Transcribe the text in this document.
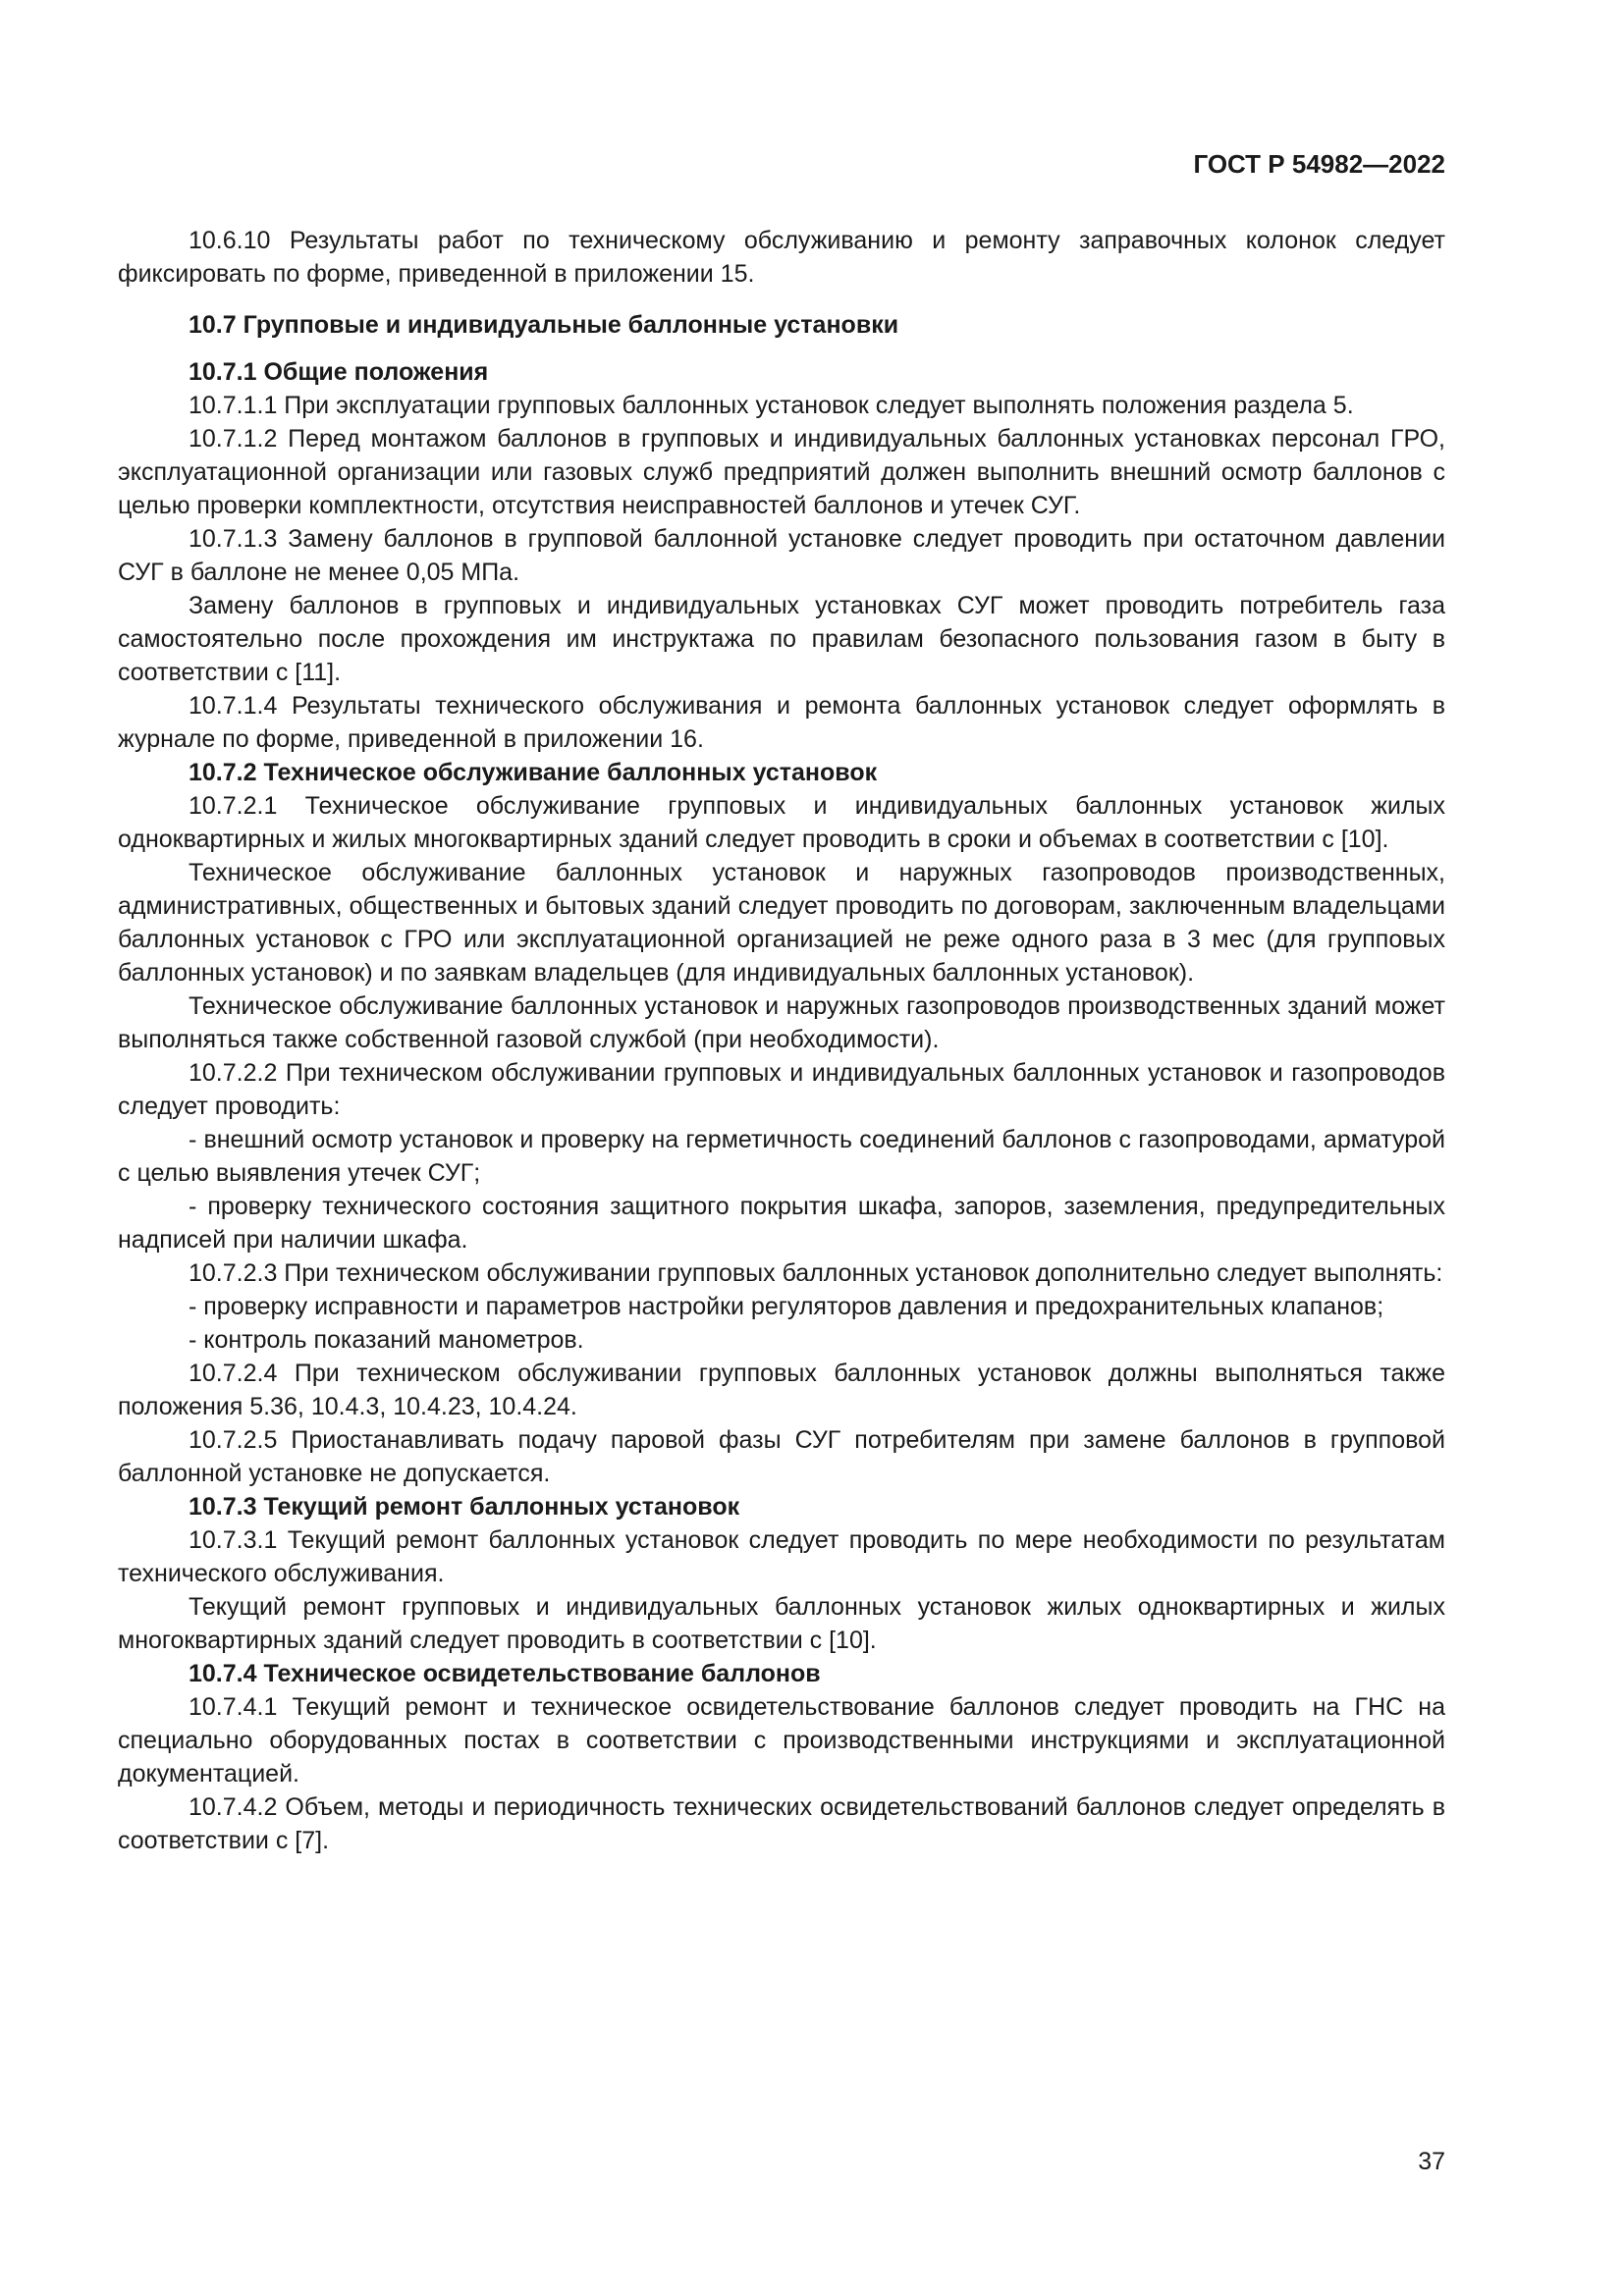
ГОСТ Р 54982—2022

10.6.10 Результаты работ по техническому обслуживанию и ремонту заправочных колонок следует фиксировать по форме, приведенной в приложении 15.

10.7 Групповые и индивидуальные баллонные установки

10.7.1 Общие положения

10.7.1.1 При эксплуатации групповых баллонных установок следует выполнять положения раздела 5.

10.7.1.2 Перед монтажом баллонов в групповых и индивидуальных баллонных установках персонал ГРО, эксплуатационной организации или газовых служб предприятий должен выполнить внешний осмотр баллонов с целью проверки комплектности, отсутствия неисправностей баллонов и утечек СУГ.

10.7.1.3 Замену баллонов в групповой баллонной установке следует проводить при остаточном давлении СУГ в баллоне не менее 0,05 МПа.

Замену баллонов в групповых и индивидуальных установках СУГ может проводить потребитель газа самостоятельно после прохождения им инструктажа по правилам безопасного пользования газом в быту в соответствии с [11].

10.7.1.4 Результаты технического обслуживания и ремонта баллонных установок следует оформлять в журнале по форме, приведенной в приложении 16.

10.7.2 Техническое обслуживание баллонных установок

10.7.2.1 Техническое обслуживание групповых и индивидуальных баллонных установок жилых одноквартирных и жилых многоквартирных зданий следует проводить в сроки и объемах в соответствии с [10].

Техническое обслуживание баллонных установок и наружных газопроводов производственных, административных, общественных и бытовых зданий следует проводить по договорам, заключенным владельцами баллонных установок с ГРО или эксплуатационной организацией не реже одного раза в 3 мес (для групповых баллонных установок) и по заявкам владельцев (для индивидуальных баллонных установок).

Техническое обслуживание баллонных установок и наружных газопроводов производственных зданий может выполняться также собственной газовой службой (при необходимости).

10.7.2.2 При техническом обслуживании групповых и индивидуальных баллонных установок и газопроводов следует проводить:

- внешний осмотр установок и проверку на герметичность соединений баллонов с газопроводами, арматурой с целью выявления утечек СУГ;

- проверку технического состояния защитного покрытия шкафа, запоров, заземления, предупредительных надписей при наличии шкафа.

10.7.2.3 При техническом обслуживании групповых баллонных установок дополнительно следует выполнять:

- проверку исправности и параметров настройки регуляторов давления и предохранительных клапанов;

- контроль показаний манометров.

10.7.2.4 При техническом обслуживании групповых баллонных установок должны выполняться также положения 5.36, 10.4.3, 10.4.23, 10.4.24.

10.7.2.5 Приостанавливать подачу паровой фазы СУГ потребителям при замене баллонов в групповой баллонной установке не допускается.

10.7.3 Текущий ремонт баллонных установок

10.7.3.1 Текущий ремонт баллонных установок следует проводить по мере необходимости по результатам технического обслуживания.

Текущий ремонт групповых и индивидуальных баллонных установок жилых одноквартирных и жилых многоквартирных зданий следует проводить в соответствии с [10].

10.7.4 Техническое освидетельствование баллонов

10.7.4.1 Текущий ремонт и техническое освидетельствование баллонов следует проводить на ГНС на специально оборудованных постах в соответствии с производственными инструкциями и эксплуатационной документацией.

10.7.4.2 Объем, методы и периодичность технических освидетельствований баллонов следует определять в соответствии с [7].

37
